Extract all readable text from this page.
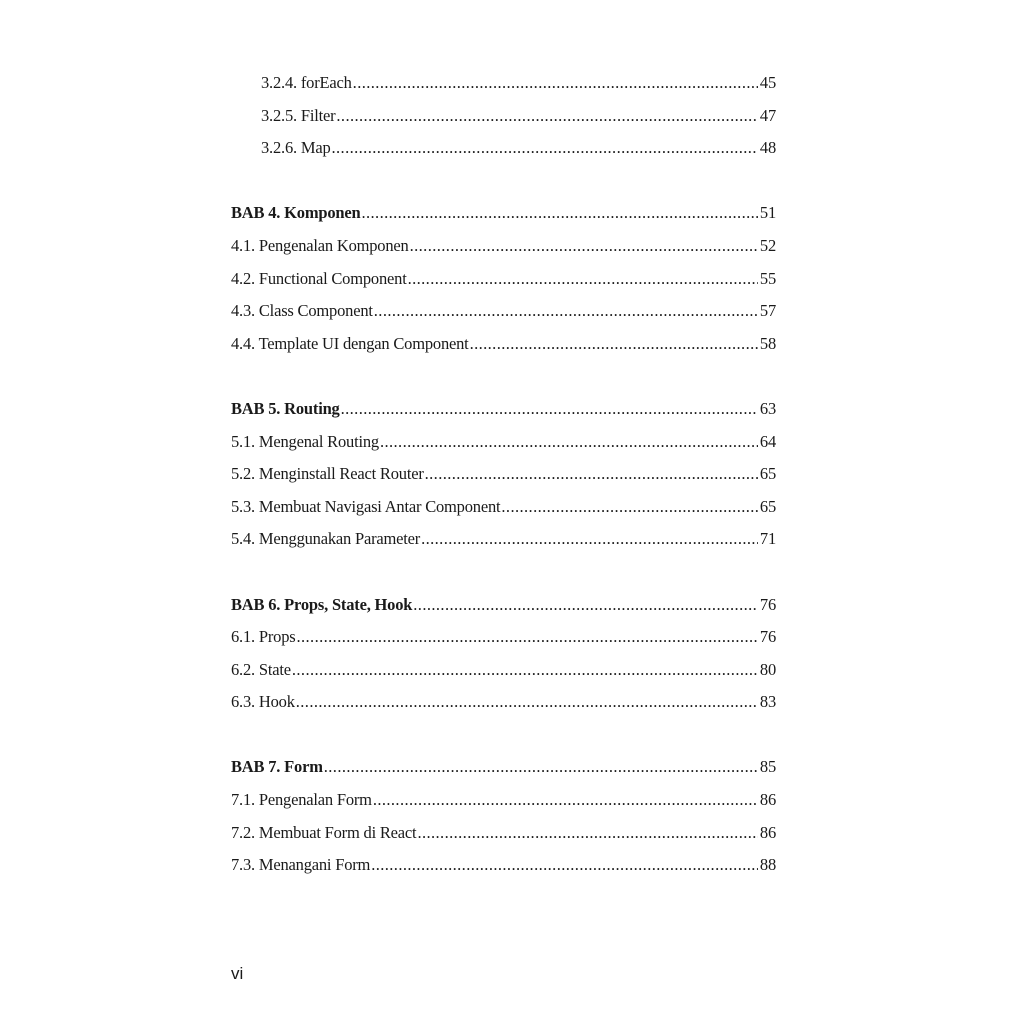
3.2.4. forEach .....	45
3.2.5. Filter .....	47
3.2.6. Map .....	48
BAB 4. Komponen .....	51
4.1. Pengenalan Komponen .....	52
4.2. Functional Component .....	55
4.3. Class Component .....	57
4.4. Template UI dengan Component .....	58
BAB 5. Routing .....	63
5.1. Mengenal Routing .....	64
5.2. Menginstall React Router .....	65
5.3. Membuat Navigasi Antar Component .....	65
5.4. Menggunakan Parameter .....	71
BAB 6. Props, State, Hook .....	76
6.1. Props .....	76
6.2. State .....	80
6.3. Hook .....	83
BAB 7. Form .....	85
7.1. Pengenalan Form .....	86
7.2. Membuat Form di React .....	86
7.3. Menangani Form .....	88
vi
